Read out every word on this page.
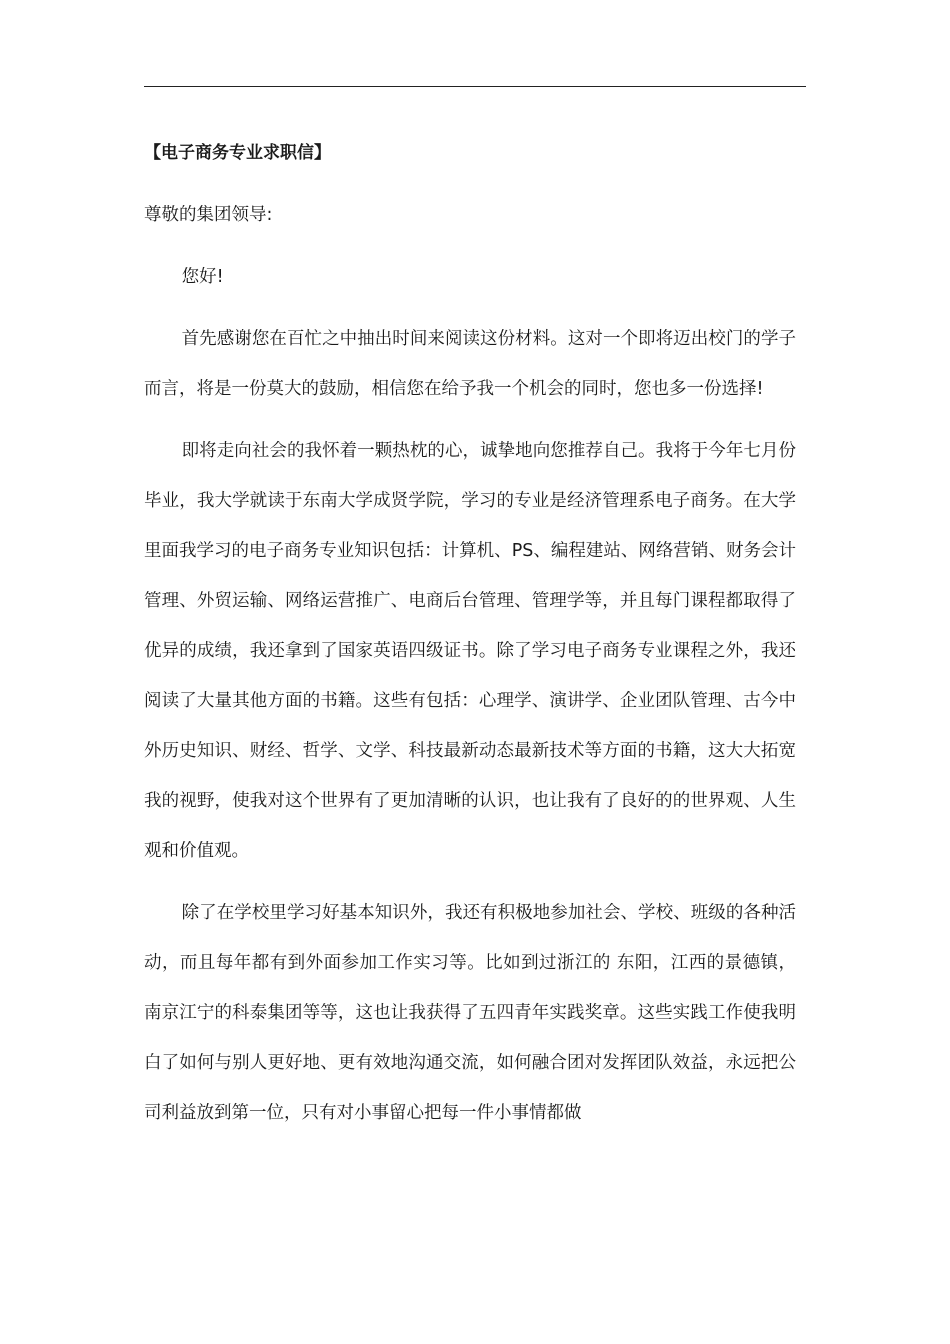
【电子商务专业求职信】
尊敬的集团领导:
您好!

首先感谢您在百忙之中抽出时间来阅读这份材料。这对一个即将迈出校门的学子而言，将是一份莫大的鼓励，相信您在给予我一个机会的同时，您也多一份选择!

即将走向社会的我怀着一颗热枕的心，诚挚地向您推荐自己。我将于今年七月份毕业，我大学就读于东南大学成贤学院，学习的专业是经济管理系电子商务。在大学里面我学习的电子商务专业知识包括：计算机、PS、编程建站、网络营销、财务会计管理、外贸运输、网络运营推广、电商后台管理、管理学等，并且每门课程都取得了优异的成绩，我还拿到了国家英语四级证书。除了学习电子商务专业课程之外，我还阅读了大量其他方面的书籍。这些有包括：心理学、演讲学、企业团队管理、古今中外历史知识、财经、哲学、文学、科技最新动态最新技术等方面的书籍，这大大拓宽我的视野，使我对这个世界有了更加清晰的认识，也让我有了良好的的世界观、人生观和价值观。

除了在学校里学习好基本知识外，我还有积极地参加社会、学校、班级的各种活动，而且每年都有到外面参加工作实习等。比如到过浙江的 东阳，江西的景德镇，南京江宁的科泰集团等等，这也让我获得了五四青年实践奖章。这些实践工作使我明白了如何与别人更好地、更有效地沟通交流，如何融合团对发挥团队效益，永远把公司利益放到第一位，只有对小事留心把每一件小事情都做
